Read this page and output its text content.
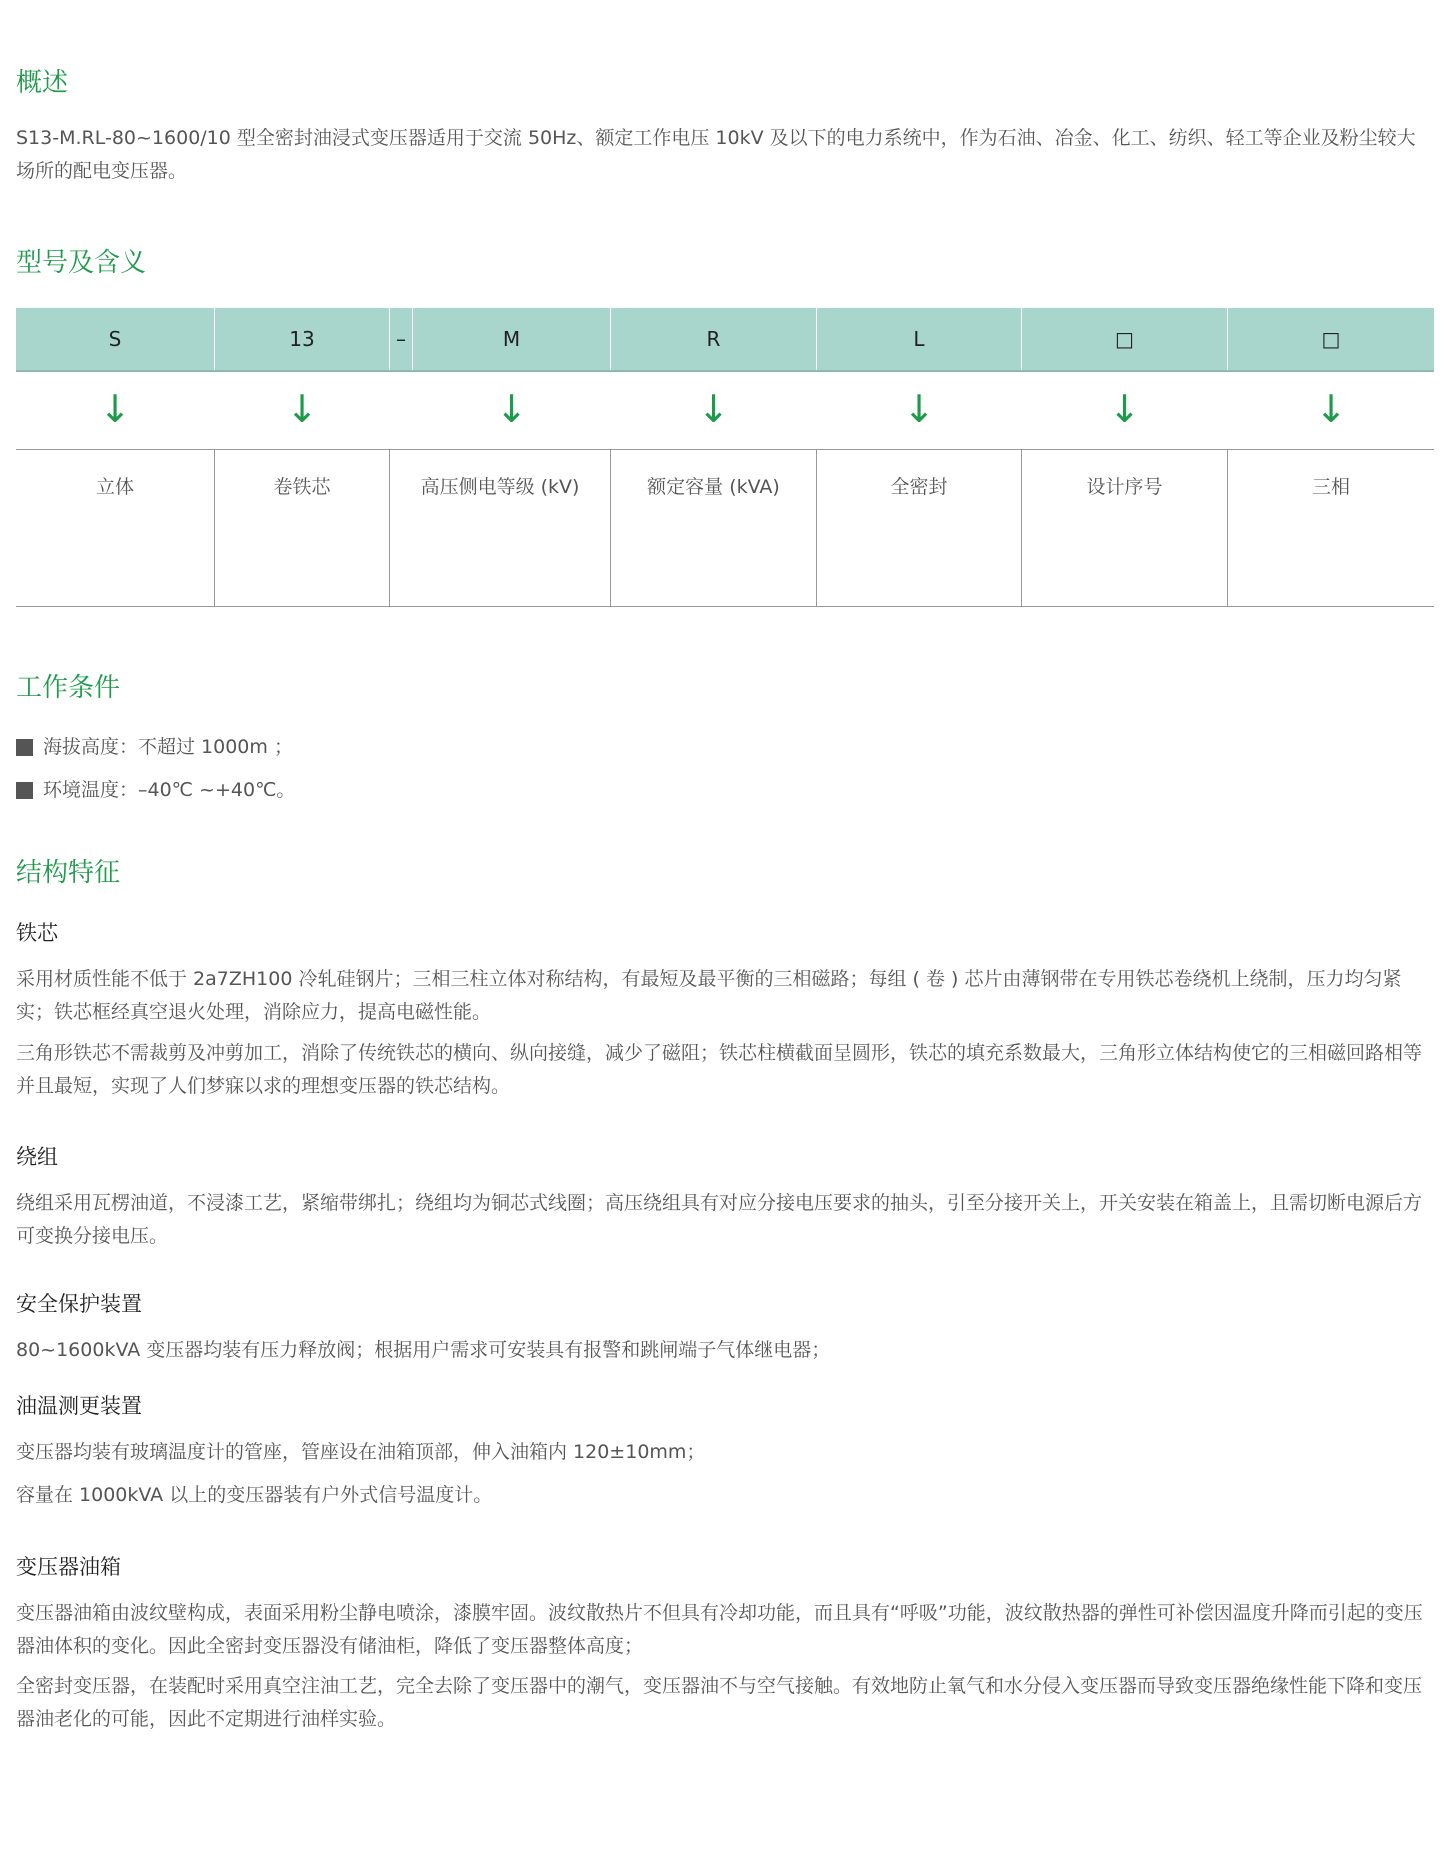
概述

S13-M.RL-80~1600/10 型全密封油浸式变压器适用于交流 50Hz、额定工作电压 10kV 及以下的电力系统中，作为石油、冶金、化工、纺织、轻工等企业及粉尘较大场所的配电变压器。

型号及含义
S	13	–	M	R	L	□	□
↓	↓	↓	↓	↓	↓	↓
立体	卷铁芯	高压侧电等级 (kV)	额定容量 (kVA)	全密封	设计序号	三相
工作条件
海拔高度：不超过 1000m ；
环境温度：–40℃ ~+40℃。
结构特征
铁芯

采用材质性能不低于 2a7ZH100 冷轧硅钢片；三相三柱立体对称结构，有最短及最平衡的三相磁路；每组 ( 卷 ) 芯片由薄钢带在专用铁芯卷绕机上绕制，压力均匀紧实；铁芯框经真空退火处理，消除应力，提高电磁性能。

三角形铁芯不需裁剪及冲剪加工，消除了传统铁芯的横向、纵向接缝，减少了磁阻；铁芯柱横截面呈圆形，铁芯的填充系数最大，三角形立体结构使它的三相磁回路相等并且最短，实现了人们梦寐以求的理想变压器的铁芯结构。

绕组

绕组采用瓦楞油道，不浸漆工艺，紧缩带绑扎；绕组均为铜芯式线圈；高压绕组具有对应分接电压要求的抽头，引至分接开关上，开关安装在箱盖上，且需切断电源后方可变换分接电压。

安全保护装置

80~1600kVA 变压器均装有压力释放阀；根据用户需求可安装具有报警和跳闸端子气体继电器；

油温测更装置

变压器均装有玻璃温度计的管座，管座设在油箱顶部，伸入油箱内 120±10mm；

容量在 1000kVA 以上的变压器装有户外式信号温度计。

变压器油箱

变压器油箱由波纹壁构成，表面采用粉尘静电喷涂，漆膜牢固。波纹散热片不但具有冷却功能，而且具有“呼吸”功能，波纹散热器的弹性可补偿因温度升降而引起的变压器油体积的变化。因此全密封变压器没有储油柜，降低了变压器整体高度；

全密封变压器，在装配时采用真空注油工艺，完全去除了变压器中的潮气，变压器油不与空气接触。有效地防止氧气和水分侵入变压器而导致变压器绝缘性能下降和变压器油老化的可能，因此不定期进行油样实验。
